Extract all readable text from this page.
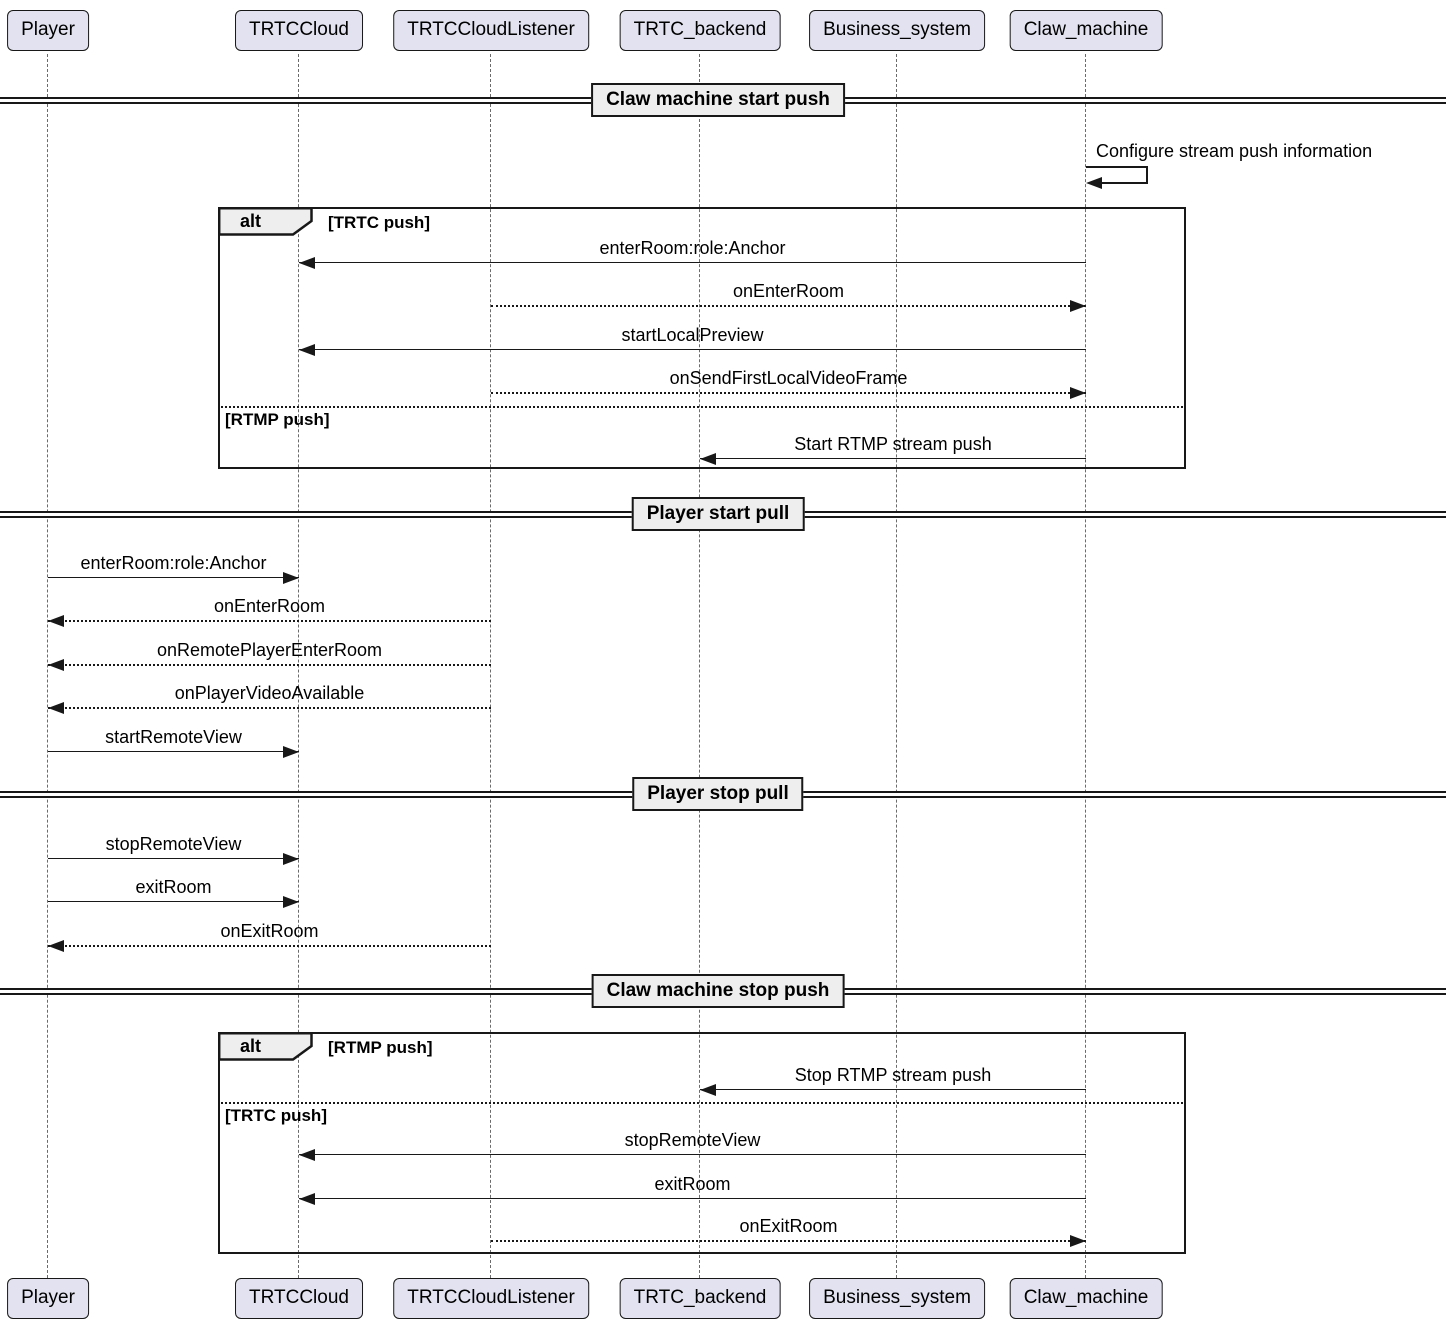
alt	[TRTC push]
[RTMP push]
alt	[RTMP push]
[TRTC push]
enterRoom:role:Anchor
onEnterRoom
startLocalPreview
onSendFirstLocalVideoFrame
Start RTMP stream push
enterRoom:role:Anchor
onEnterRoom
onRemotePlayerEnterRoom
onPlayerVideoAvailable
startRemoteView
stopRemoteView
exitRoom
onExitRoom
Stop RTMP stream push
stopRemoteView
exitRoom
onExitRoom
Configure stream push information
Claw machine start push
Player start pull
Player stop pull
Claw machine stop push
Player	TRTCCloud	TRTCCloudListener	TRTC_backend	Business_system	Claw_machine
Player	TRTCCloud	TRTCCloudListener	TRTC_backend	Business_system	Claw_machine
